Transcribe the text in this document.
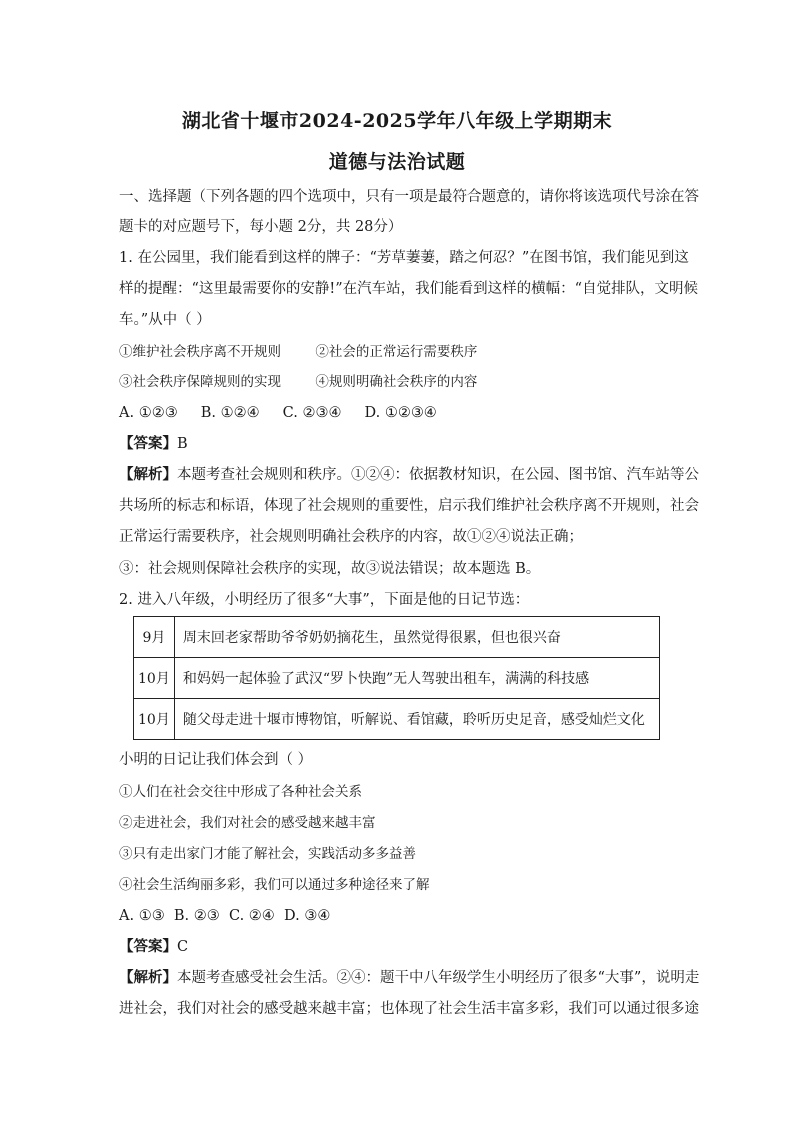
湖北省十堰市2024-2025学年八年级上学期期末
道德与法治试题
一、选择题（下列各题的四个选项中，只有一项是最符合题意的，请你将该选项代号涂在答
题卡的对应题号下，每小题 2分，共 28分）
1. 在公园里，我们能看到这样的牌子：“芳草萋萋，踏之何忍？”在图书馆，我们能见到这
样的提醒：“这里最需要你的安静!”在汽车站，我们能看到这样的横幅：“自觉排队，文明候
车。”从中（ ）
①维护社会秩序离不开规则        ②社会的正常运行需要秩序
③社会秩序保障规则的实现        ④规则明确社会秩序的内容
A. ①②③     B. ①②④     C. ②③④     D. ①②③④
【答案】B
【解析】本题考查社会规则和秩序。①②④：依据教材知识，在公园、图书馆、汽车站等公
共场所的标志和标语，体现了社会规则的重要性，启示我们维护社会秩序离不开规则，社会
正常运行需要秩序，社会规则明确社会秩序的内容，故①②④说法正确；
③：社会规则保障社会秩序的实现，故③说法错误；故本题选 B。
2. 进入八年级，小明经历了很多“大事”，下面是他的日记节选：
9月	周末回老家帮助爷爷奶奶摘花生，虽然觉得很累，但也很兴奋
10月	和妈妈一起体验了武汉“罗卜快跑”无人驾驶出租车，满满的科技感
10月	随父母走进十堰市博物馆，听解说、看馆藏，聆听历史足音，感受灿烂文化
小明的日记让我们体会到（ ）
①人们在社会交往中形成了各种社会关系
②走进社会，我们对社会的感受越来越丰富
③只有走出家门才能了解社会，实践活动多多益善
④社会生活绚丽多彩，我们可以通过多种途径来了解
A. ①③  B. ②③  C. ②④  D. ③④
【答案】C
【解析】本题考查感受社会生活。②④：题干中八年级学生小明经历了很多“大事”，说明走
进社会，我们对社会的感受越来越丰富；也体现了社会生活丰富多彩，我们可以通过很多途
